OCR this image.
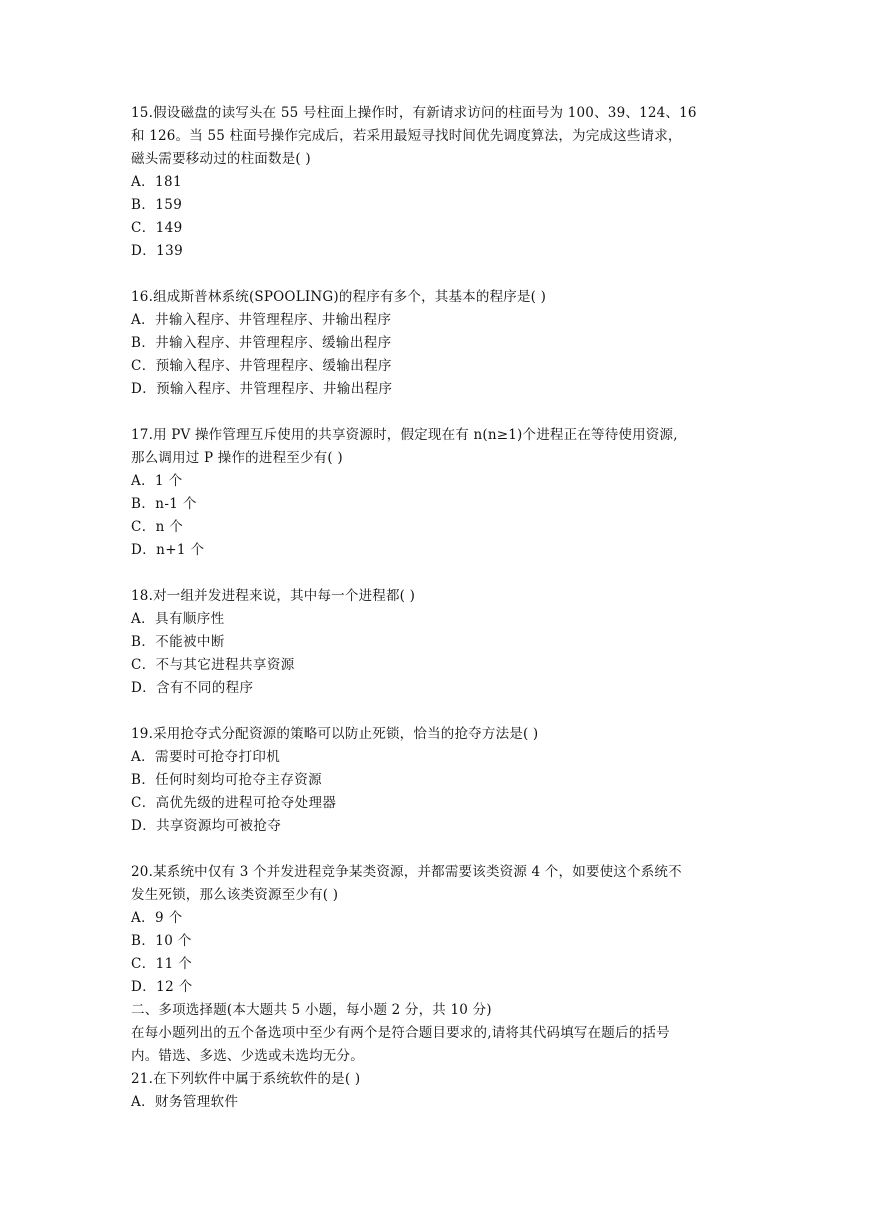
15.假设磁盘的读写头在 55 号柱面上操作时，有新请求访问的柱面号为 100、39、124、16
和 126。当 55 柱面号操作完成后，若采用最短寻找时间优先调度算法，为完成这些请求，
磁头需要移动过的柱面数是( )
A．181
B．159
C．149
D．139
16.组成斯普林系统(SPOOLING)的程序有多个，其基本的程序是( )
A．井输入程序、井管理程序、井输出程序
B．井输入程序、井管理程序、缓输出程序
C．预输入程序、井管理程序、缓输出程序
D．预输入程序、井管理程序、井输出程序
17.用 PV 操作管理互斥使用的共享资源时，假定现在有 n(n≥1)个进程正在等待使用资源,
那么调用过 P 操作的进程至少有( )
A．1 个
B．n-1 个
C．n 个
D．n+1 个
18.对一组并发进程来说，其中每一个进程都( )
A．具有顺序性
B．不能被中断
C．不与其它进程共享资源
D．含有不同的程序
19.采用抢夺式分配资源的策略可以防止死锁，恰当的抢夺方法是( )
A．需要时可抢夺打印机
B．任何时刻均可抢夺主存资源
C．高优先级的进程可抢夺处理器
D．共享资源均可被抢夺
20.某系统中仅有 3 个并发进程竞争某类资源，并都需要该类资源 4 个，如要使这个系统不
发生死锁，那么该类资源至少有( )
A．9 个
B．10 个
C．11 个
D．12 个
二、多项选择题(本大题共 5 小题，每小题 2 分，共 10 分)
在每小题列出的五个备选项中至少有两个是符合题目要求的,请将其代码填写在题后的括号
内。错选、多选、少选或未选均无分。
21.在下列软件中属于系统软件的是( )
A．财务管理软件
